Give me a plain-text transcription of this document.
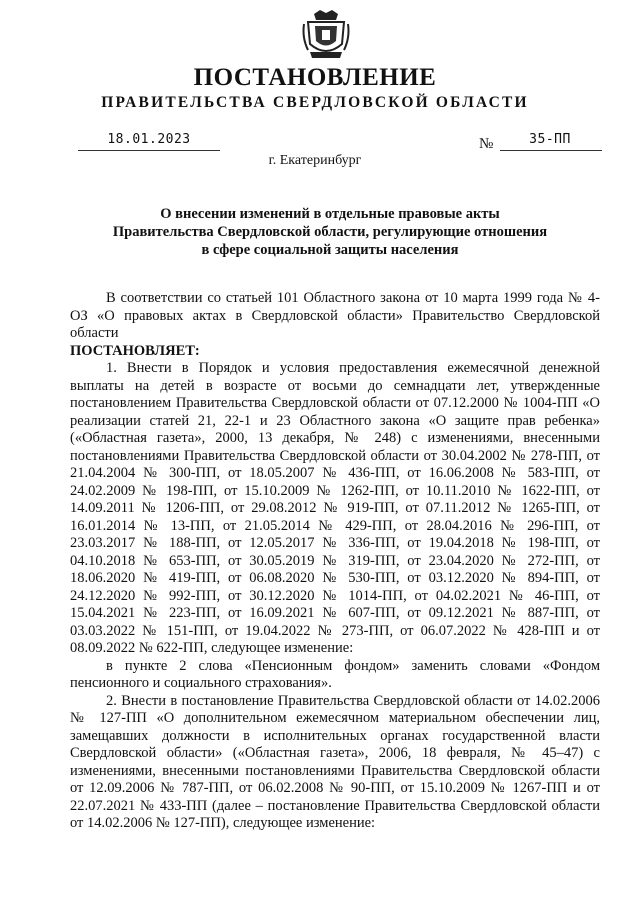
ПОСТАНОВЛЕНИЕ
ПРАВИТЕЛЬСТВА СВЕРДЛОВСКОЙ ОБЛАСТИ
18.01.2023	№	35-ПП
г. Екатеринбург
О внесении изменений в отдельные правовые акты
Правительства Свердловской области, регулирующие отношения
в сфере социальной защиты населения

В соответствии со статьей 101 Областного закона от 10 марта 1999 года № 4-ОЗ «О правовых актах в Свердловской области» Правительство Свердловской области

ПОСТАНОВЛЯЕТ:

1. Внести в Порядок и условия предоставления ежемесячной денежной выплаты на детей в возрасте от восьми до семнадцати лет, утвержденные постановлением Правительства Свердловской области от 07.12.2000 № 1004-ПП «О реализации статей 21, 22-1 и 23 Областного закона «О защите прав ребенка» («Областная газета», 2000, 13 декабря, № 248) с изменениями, внесенными постановлениями Правительства Свердловской области от 30.04.2002 № 278-ПП, от 21.04.2004 № 300-ПП, от 18.05.2007 № 436-ПП, от 16.06.2008 № 583-ПП, от 24.02.2009 № 198-ПП, от 15.10.2009 № 1262-ПП, от 10.11.2010 № 1622-ПП, от 14.09.2011 № 1206-ПП, от 29.08.2012 № 919-ПП, от 07.11.2012 № 1265-ПП, от 16.01.2014 № 13-ПП, от 21.05.2014 № 429-ПП, от 28.04.2016 № 296-ПП, от 23.03.2017 № 188-ПП, от 12.05.2017 № 336-ПП, от 19.04.2018 № 198-ПП, от 04.10.2018 № 653-ПП, от 30.05.2019 № 319-ПП, от 23.04.2020 № 272-ПП, от 18.06.2020 № 419-ПП, от 06.08.2020 № 530-ПП, от 03.12.2020 № 894-ПП, от 24.12.2020 № 992-ПП, от 30.12.2020 № 1014-ПП, от 04.02.2021 № 46-ПП, от 15.04.2021 № 223-ПП, от 16.09.2021 № 607-ПП, от 09.12.2021 № 887-ПП, от 03.03.2022 № 151-ПП, от 19.04.2022 № 273-ПП, от 06.07.2022 № 428-ПП и от 08.09.2022 № 622-ПП, следующее изменение:

в пункте 2 слова «Пенсионным фондом» заменить словами «Фондом пенсионного и социального страхования».

2. Внести в постановление Правительства Свердловской области от 14.02.2006 № 127-ПП «О дополнительном ежемесячном материальном обеспечении лиц, замещавших должности в исполнительных органах государственной власти Свердловской области» («Областная газета», 2006, 18 февраля, № 45–47) с изменениями, внесенными постановлениями Правительства Свердловской области от 12.09.2006 № 787-ПП, от 06.02.2008 № 90-ПП, от 15.10.2009 № 1267-ПП и от 22.07.2021 № 433-ПП (далее – постановление Правительства Свердловской области от 14.02.2006 № 127-ПП), следующее изменение:
